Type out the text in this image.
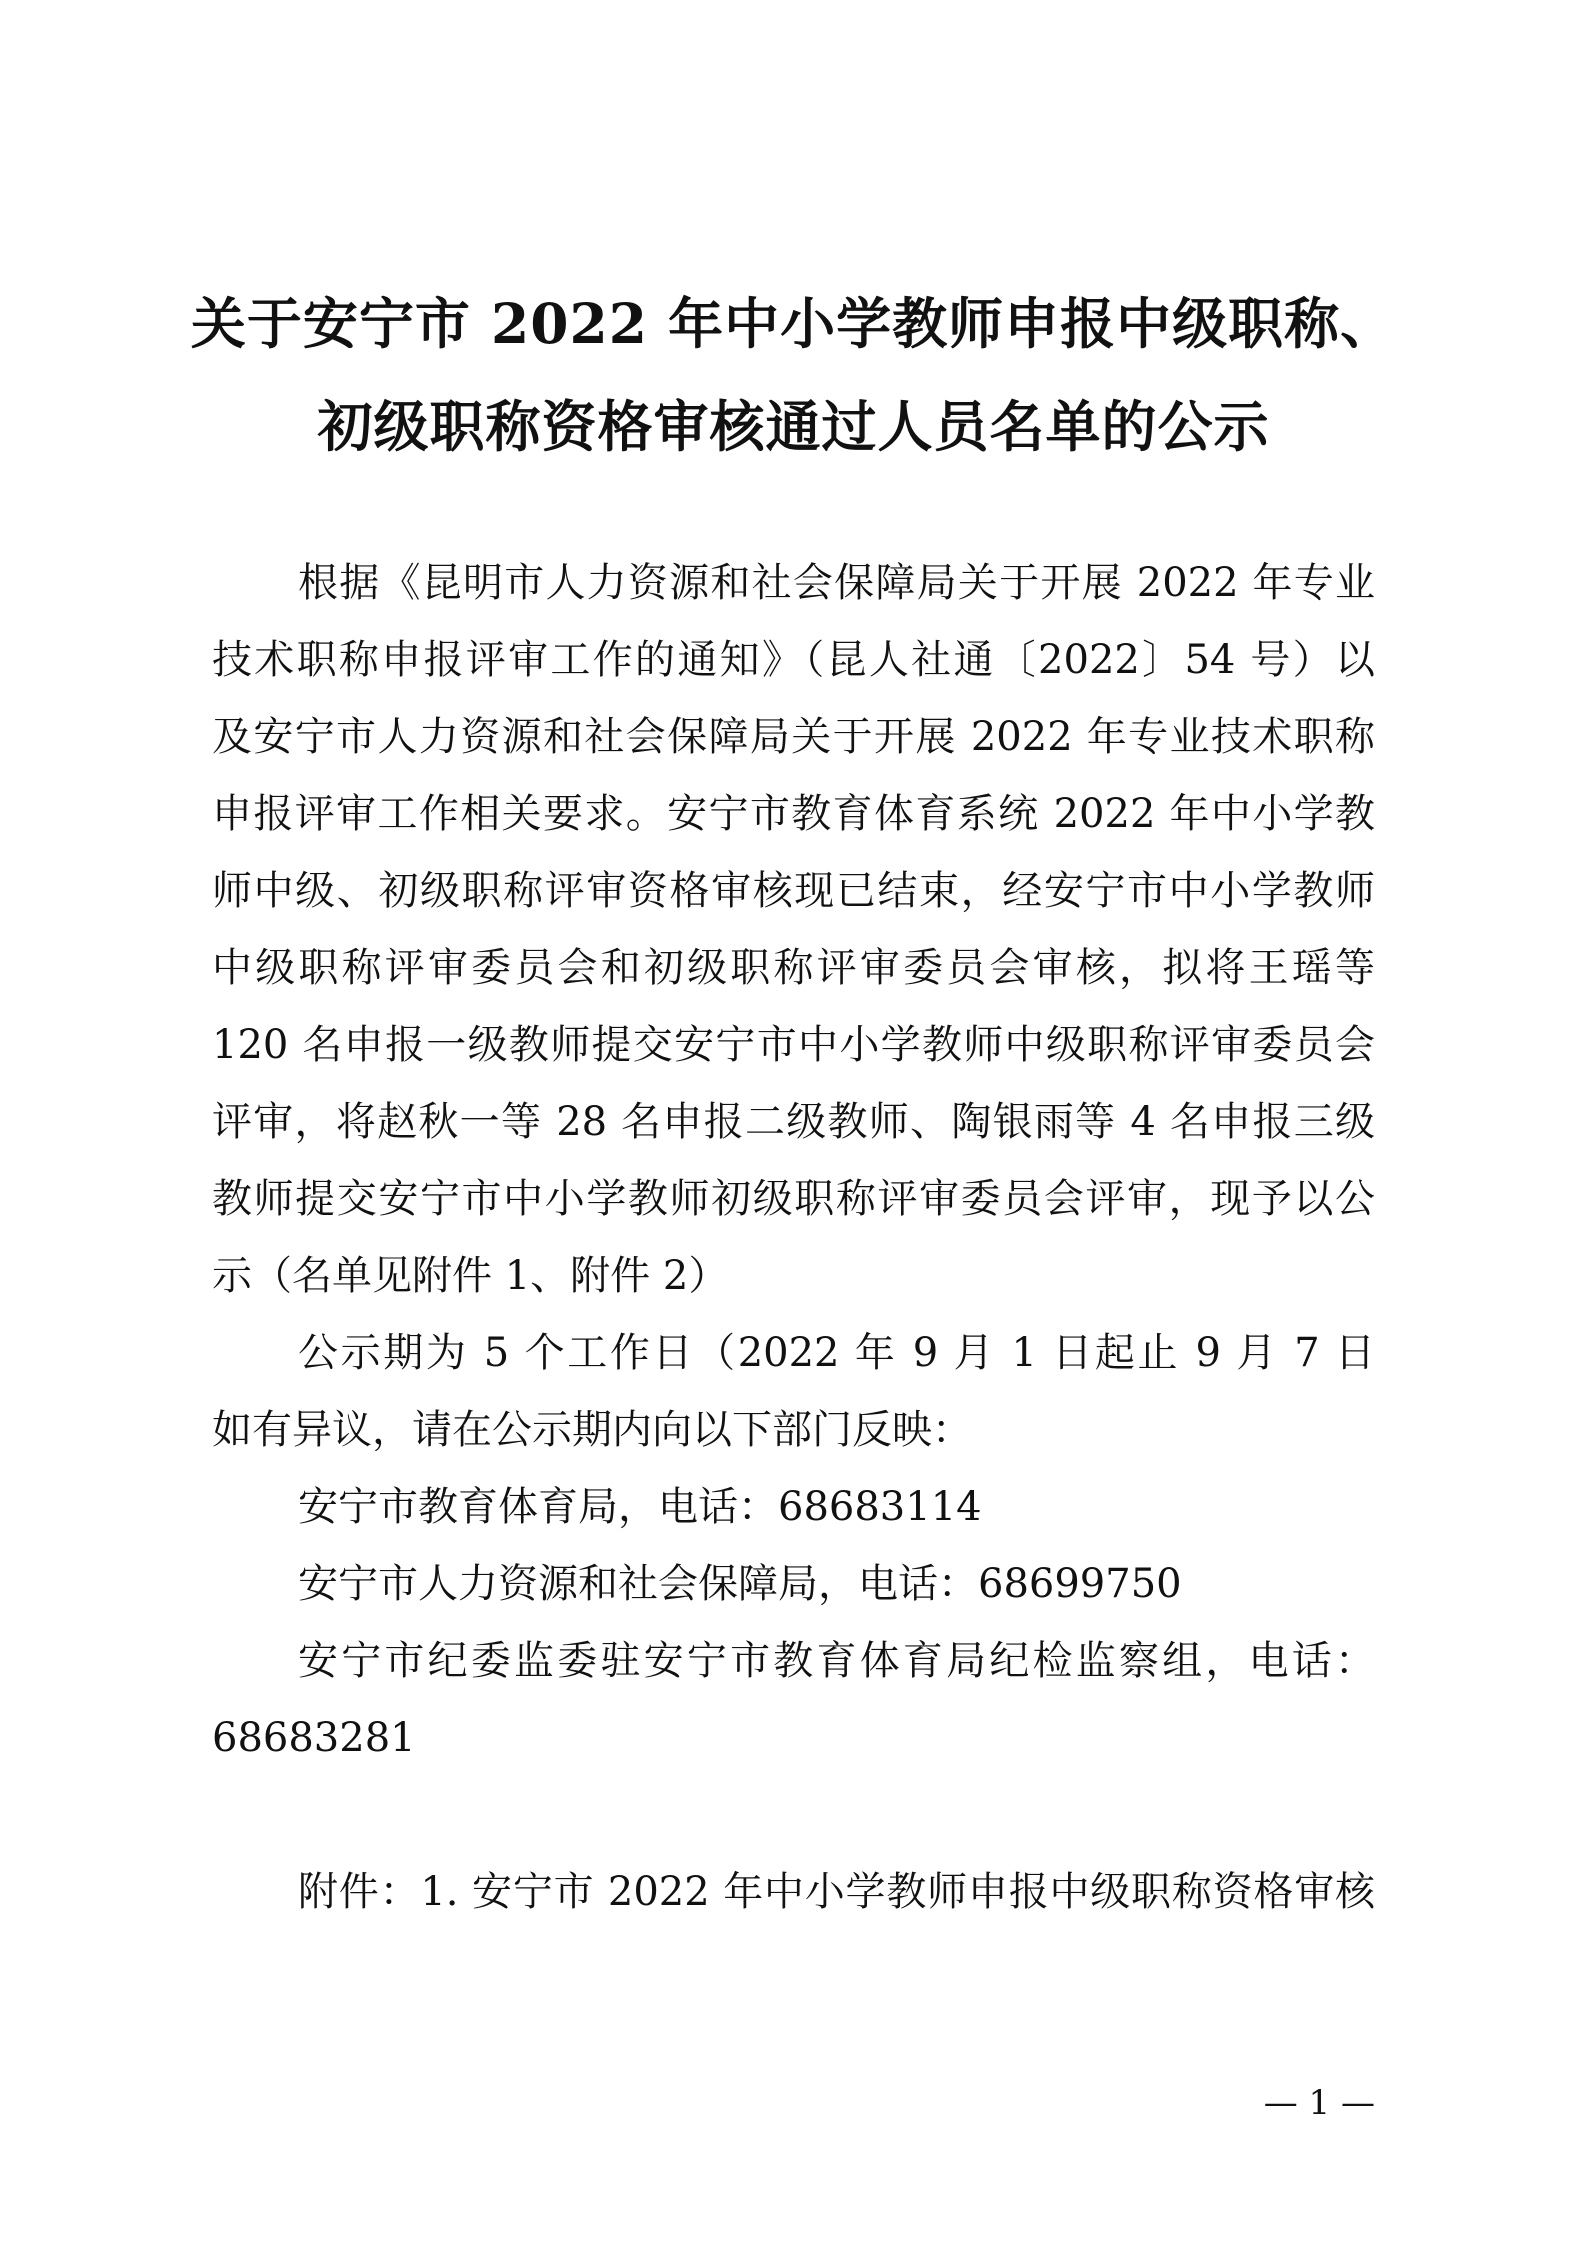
关于安宁市 2022 年中小学教师申报中级职称、
初级职称资格审核通过人员名单的公示

根据《昆明市人力资源和社会保障局关于开展 2022 年专业

技术职称申报评审工作的通知》（昆人社通〔2022〕54 号）以

及安宁市人力资源和社会保障局关于开展 2022 年专业技术职称

申报评审工作相关要求。安宁市教育体育系统 2022 年中小学教

师中级、初级职称评审资格审核现已结束，经安宁市中小学教师

中级职称评审委员会和初级职称评审委员会审核，拟将王瑶等

120 名申报一级教师提交安宁市中小学教师中级职称评审委员会

评审，将赵秋一等 28 名申报二级教师、陶银雨等 4 名申报三级

教师提交安宁市中小学教师初级职称评审委员会评审，现予以公

示（名单见附件 1、附件 2）

公示期为 5 个工作日（2022 年 9 月 1 日起止 9 月 7 日

如有异议，请在公示期内向以下部门反映：

安宁市教育体育局，电话：68683114

安宁市人力资源和社会保障局，电话：68699750

安宁市纪委监委驻安宁市教育体育局纪检监察组，电话：

68683281

附件：1. 安宁市 2022 年中小学教师申报中级职称资格审核

— 1 —
